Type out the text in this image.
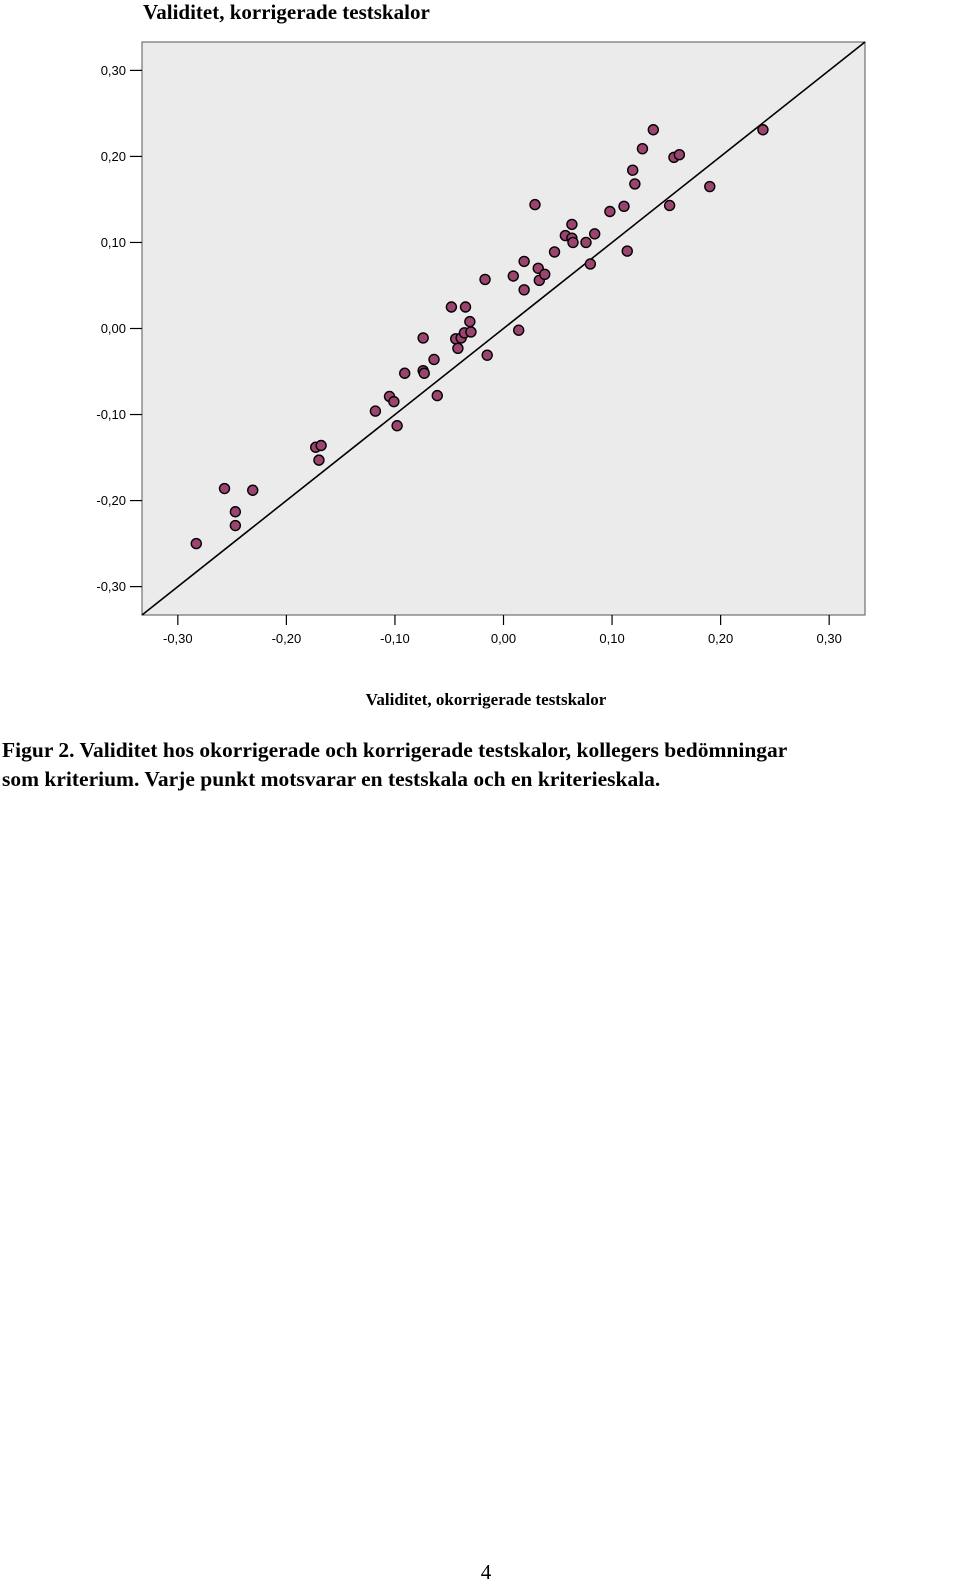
Validitet, korrigerade testskalor
0,30
0,20
0,10
0,00
-0,10
-0,20
-0,30
-0,30	-0,20	-0,10	0,00	0,10	0,20	0,30
Validitet, okorrigerade testskalor
Figur 2. Validitet hos okorrigerade och korrigerade testskalor, kollegers bedömningar
som kriterium. Varje punkt motsvarar en testskala och en kriterieskala.
4
